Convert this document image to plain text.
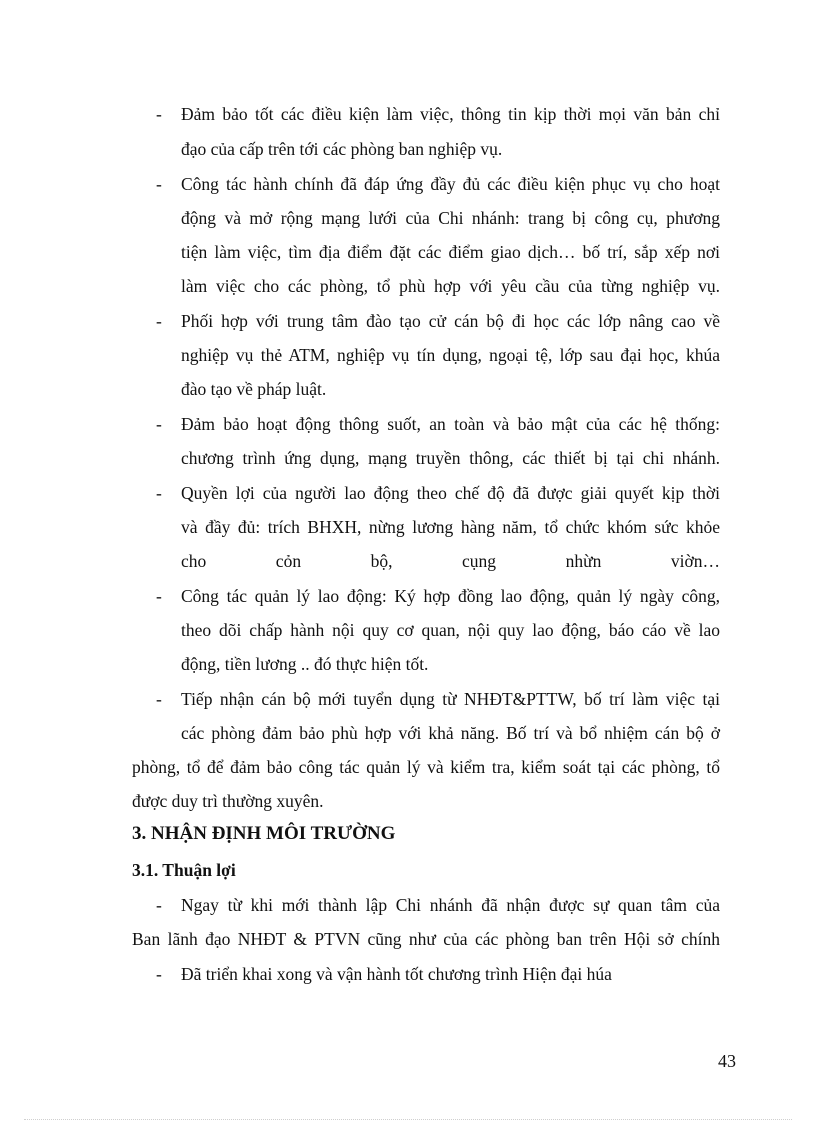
- Đảm bảo tốt các điều kiện làm việc, thông tin kịp thời mọi văn bản chỉ
đạo của cấp trên tới các phòng ban nghiệp vụ.
- Công tác hành chính đã đáp ứng đầy đủ các điều kiện phục vụ cho hoạt
động và mở rộng mạng lưới của Chi nhánh: trang bị công cụ, phương
tiện làm việc, tìm địa điểm đặt các điểm giao dịch… bố trí, sắp xếp nơi
làm việc cho các phòng, tổ phù hợp với yêu cầu của từng nghiệp vụ.
- Phối hợp với trung tâm đào tạo cử cán bộ đi học các lớp nâng cao về
nghiệp vụ thẻ ATM, nghiệp vụ tín dụng, ngoại tệ, lớp sau đại học, khúa
đào tạo về pháp luật.
- Đảm bảo hoạt động thông suốt, an toàn và bảo mật của các hệ thống:
chương trình ứng dụng, mạng truyền thông, các thiết bị tại chi nhánh.
- Quyền lợi của người lao động theo chế độ đã được giải quyết kịp thời
và đầy đủ: trích BHXH, nừng lương hàng năm, tổ chức khóm sức khỏe
cho cỏn bộ, cụng nhừn viờn…
- Công tác quản lý lao động: Ký hợp đồng lao động, quản lý ngày công,
theo dõi chấp hành nội quy cơ quan, nội quy lao động, báo cáo về lao
động, tiền lương .. đó thực hiện tốt.
- Tiếp nhận cán bộ mới tuyển dụng từ NHĐT&PTTW, bố trí làm việc tại
các phòng đảm bảo phù hợp với khả năng. Bố trí và bổ nhiệm cán bộ ở
phòng, tổ để đảm bảo công tác quản lý và kiểm tra, kiểm soát tại các phòng, tổ
được duy trì thường xuyên.
3. NHẬN ĐỊNH MÔI TRƯỜNG
3.1. Thuận lợi
- Ngay từ khi mới thành lập Chi nhánh đã nhận được sự quan tâm của
Ban lãnh đạo NHĐT & PTVN cũng như của các phòng ban trên Hội sở chính
- Đã triển khai xong và vận hành tốt chương trình Hiện đại húa
43
